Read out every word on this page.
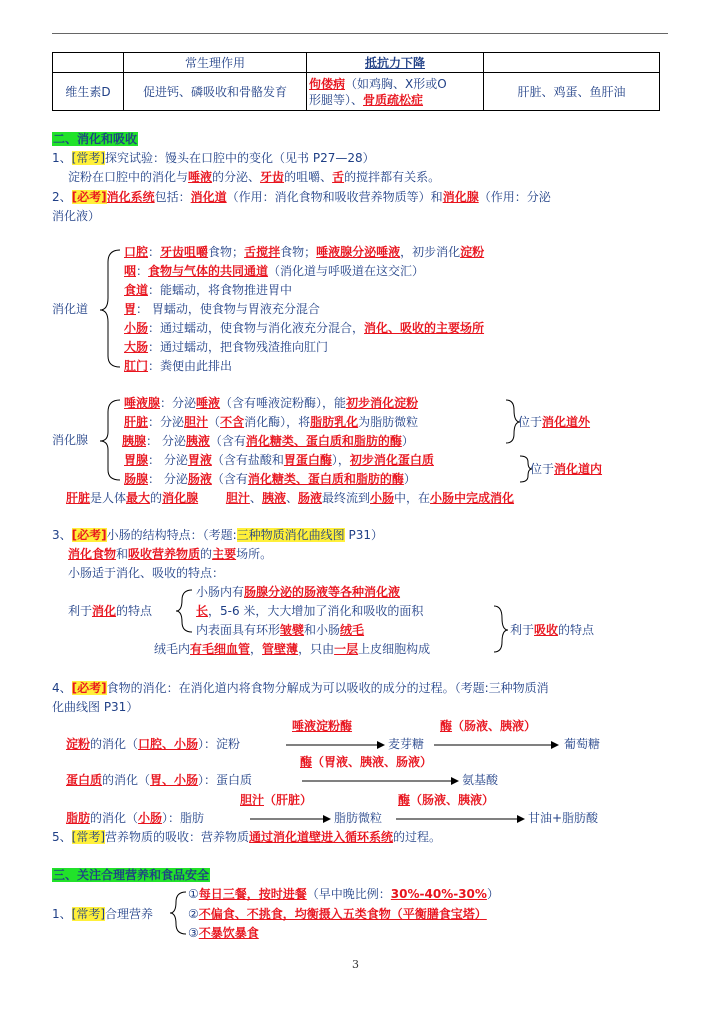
	常生理作用	抵抗力下降	
维生素D	促进钙、磷吸收和骨骼发育	佝偻病（如鸡胸、X形或O
形腿等）、骨质疏松症	肝脏、鸡蛋、鱼肝油
二、消化和吸收
1、[常考]探究试验：馒头在口腔中的变化（见书 P27—28）
淀粉在口腔中的消化与唾液的分泌、牙齿的咀嚼、舌的搅拌都有关系。
2、[必考]消化系统包括：消化道（作用：消化食物和吸收营养物质等）和消化腺（作用：分泌
消化液）
消化道
口腔：牙齿咀嚼食物；舌搅拌食物；唾液腺分泌唾液，初步消化淀粉
咽：食物与气体的共同通道（消化道与呼吸道在这交汇）
食道：能蠕动，将食物推进胃中
胃： 胃蠕动，使食物与胃液充分混合
小肠：通过蠕动，使食物与消化液充分混合，消化、吸收的主要场所
大肠：通过蠕动，把食物残渣推向肛门
肛门：粪便由此排出
消化腺
唾液腺：分泌唾液（含有唾液淀粉酶），能初步消化淀粉
肝脏：分泌胆汁（不含消化酶），将脂肪乳化为脂肪微粒
胰腺： 分泌胰液（含有消化糖类、蛋白质和脂肪的酶）
胃腺： 分泌胃液（含有盐酸和胃蛋白酶），初步消化蛋白质
肠腺： 分泌肠液（含有消化糖类、蛋白质和脂肪的酶）
位于消化道外
位于消化道内
肝脏是人体最大的消化腺　　 胆汁、胰液、肠液最终流到小肠中，在小肠中完成消化
3、[必考]小肠的结构特点：（考题:三种物质消化曲线图 P31）
消化食物和吸收营养物质的主要场所。
小肠适于消化、吸收的特点：
利于消化的特点
小肠内有肠腺分泌的肠液等各种消化液
长，5-6 米，大大增加了消化和吸收的面积
内表面具有环形皱襞和小肠绒毛	利于吸收的特点
绒毛内有毛细血管，管壁薄，只由一层上皮细胞构成
4、[必考]食物的消化：在消化道内将食物分解成为可以吸收的成分的过程。（考题:三种物质消
化曲线图 P31）
唾液淀粉酶	酶（肠液、胰液）
淀粉的消化（口腔、小肠）：淀粉	麦芽糖	葡萄糖
酶（胃液、胰液、肠液）
蛋白质的消化（胃、小肠）：蛋白质	氨基酸
胆汁（肝脏）	酶（肠液、胰液）
脂肪的消化（小肠）：脂肪	脂肪微粒	甘油+脂肪酸
5、[常考]营养物质的吸收：营养物质通过消化道壁进入循环系统的过程。
三、关注合理营养和食品安全
1、[常考]合理营养
①每日三餐，按时进餐（早中晚比例：30%-40%-30%）
②不偏食、不挑食，均衡摄入五类食物（平衡膳食宝塔）
③不暴饮暴食
3
